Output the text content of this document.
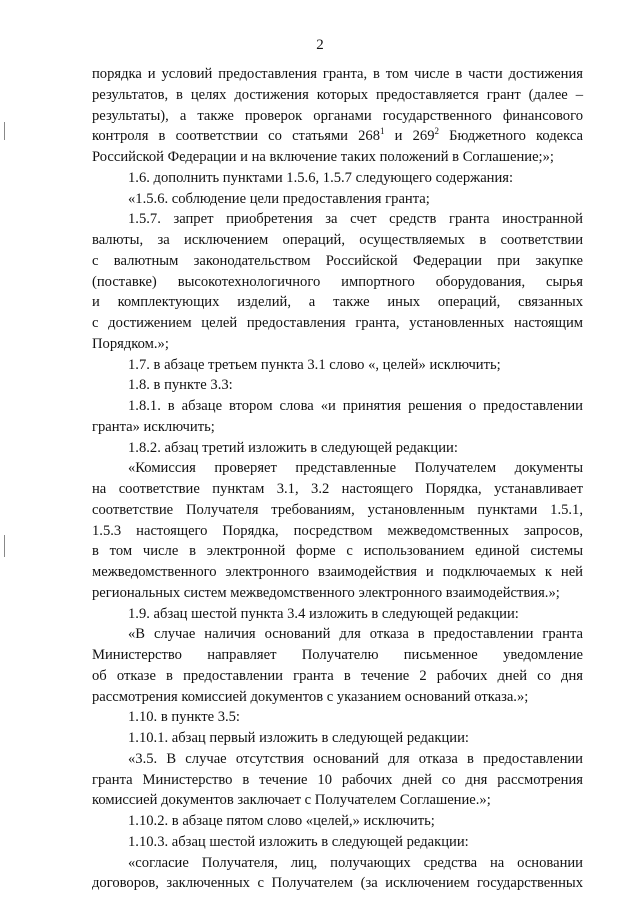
2
порядка и условий предоставления гранта, в том числе в части достижения
результатов, в целях достижения которых предоставляется грант (далее –
результаты), а также проверок органами государственного финансового
контроля в соответствии со статьями $268^1$ и $269^2$ Бюджетного кодекса
Российской Федерации и на включение таких положений в Соглашение;»;
1.6. дополнить пунктами 1.5.6, 1.5.7 следующего содержания:
«1.5.6. соблюдение цели предоставления гранта;
1.5.7. запрет приобретения за счет средств гранта иностранной
валюты, за исключением операций, осуществляемых в соответствии
с валютным законодательством Российской Федерации при закупке
(поставке) высокотехнологичного импортного оборудования, сырья
и комплектующих изделий, а также иных операций, связанных
с достижением целей предоставления гранта, установленных настоящим
Порядком.»;
1.7. в абзаце третьем пункта 3.1 слово «, целей» исключить;
1.8. в пункте 3.3:
1.8.1. в абзаце втором слова «и принятия решения о предоставлении
гранта» исключить;
1.8.2. абзац третий изложить в следующей редакции:
«Комиссия проверяет представленные Получателем документы
на соответствие пунктам 3.1, 3.2 настоящего Порядка, устанавливает
соответствие Получателя требованиям, установленным пунктами 1.5.1,
1.5.3 настоящего Порядка, посредством межведомственных запросов,
в том числе в электронной форме с использованием единой системы
межведомственного электронного взаимодействия и подключаемых к ней
региональных систем межведомственного электронного взаимодействия.»;
1.9. абзац шестой пункта 3.4 изложить в следующей редакции:
«В случае наличия оснований для отказа в предоставлении гранта
Министерство направляет Получателю письменное уведомление
об отказе в предоставлении гранта в течение 2 рабочих дней со дня
рассмотрения комиссией документов с указанием оснований отказа.»;
1.10. в пункте 3.5:
1.10.1. абзац первый изложить в следующей редакции:
«3.5. В случае отсутствия оснований для отказа в предоставлении
гранта Министерство в течение 10 рабочих дней со дня рассмотрения
комиссией документов заключает с Получателем Соглашение.»;
1.10.2. в абзаце пятом слово «целей,» исключить;
1.10.3. абзац шестой изложить в следующей редакции:
«согласие Получателя, лиц, получающих средства на основании
договоров, заключенных с Получателем (за исключением государственных
